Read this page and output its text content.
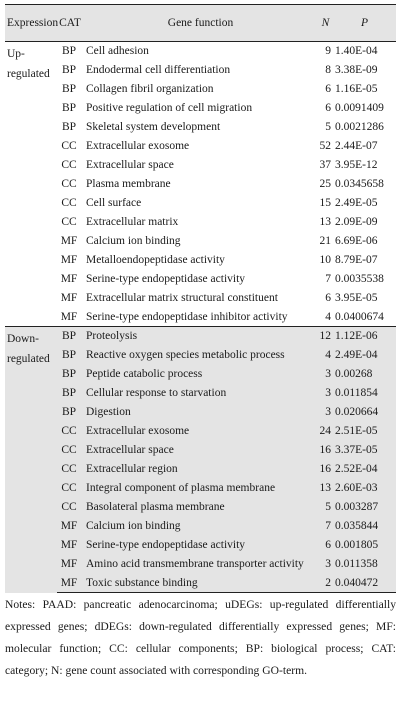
Expression	CAT	Gene function	N	P
Up-regulated	BP	Cell adhesion	9	1.40E-04
	BP	Endodermal cell differentiation	8	3.38E-09
	BP	Collagen fibril organization	6	1.16E-05
	BP	Positive regulation of cell migration	6	0.0091409
	BP	Skeletal system development	5	0.0021286
	CC	Extracellular exosome	52	2.44E-07
	CC	Extracellular space	37	3.95E-12
	CC	Plasma membrane	25	0.0345658
	CC	Cell surface	15	2.49E-05
	CC	Extracellular matrix	13	2.09E-09
	MF	Calcium ion binding	21	6.69E-06
	MF	Metalloendopeptidase activity	10	8.79E-07
	MF	Serine-type endopeptidase activity	7	0.0035538
	MF	Extracellular matrix structural constituent	6	3.95E-05
	MF	Serine-type endopeptidase inhibitor activity	4	0.0400674
Down-regulated	BP	Proteolysis	12	1.12E-06
	BP	Reactive oxygen species metabolic process	4	2.49E-04
	BP	Peptide catabolic process	3	0.00268
	BP	Cellular response to starvation	3	0.011854
	BP	Digestion	3	0.020664
	CC	Extracellular exosome	24	2.51E-05
	CC	Extracellular space	16	3.37E-05
	CC	Extracellular region	16	2.52E-04
	CC	Integral component of plasma membrane	13	2.60E-03
	CC	Basolateral plasma membrane	5	0.003287
	MF	Calcium ion binding	7	0.035844
	MF	Serine-type endopeptidase activity	6	0.001805
	MF	Amino acid transmembrane transporter activity	3	0.011358
	MF	Toxic substance binding	2	0.040472

Notes: PAAD: pancreatic adenocarcinoma; uDEGs: up-regulated differentially expressed genes; dDEGs: down-regulated differentially expressed genes; MF: molecular function; CC: cellular components; BP: biological process; CAT: category; N: gene count associated with corresponding GO-term.
